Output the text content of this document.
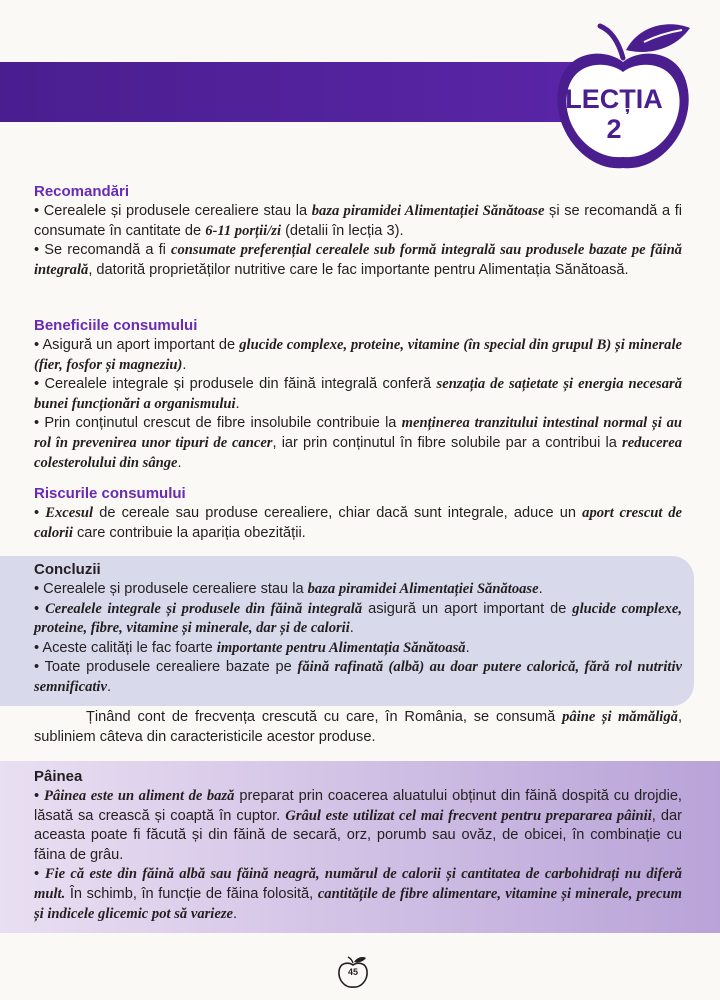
LECȚIA
2
Recomandări

• Cerealele și produsele cerealiere stau la baza piramidei Alimentației Sănătoase și se recomandă a fi consumate în cantitate de 6-11 porții/zi (detalii în lecția 3).

• Se recomandă a fi consumate preferențial cerealele sub formă integrală sau produsele bazate pe făină integrală, datorită proprietăților nutritive care le fac importante pentru Alimentația Sănătoasă.

Beneficiile consumului

• Asigură un aport important de glucide complexe, proteine, vitamine (în special din grupul B) și minerale (fier, fosfor și magneziu).

• Cerealele integrale și produsele din făină integrală conferă senzația de sațietate și energia necesară bunei funcționări a organismului.

• Prin conținutul crescut de fibre insolubile contribuie la menținerea tranzitului intestinal normal și au rol în prevenirea unor tipuri de cancer, iar prin conținutul în fibre solubile par a contribui la reducerea colesterolului din sânge.

Riscurile consumului

• Excesul de cereale sau produse cerealiere, chiar dacă sunt integrale, aduce un aport crescut de calorii care contribuie la apariția obezității.

Concluzii

• Cerealele și produsele cerealiere stau la baza piramidei Alimentației Sănătoase.

• Cerealele integrale și produsele din făină integrală asigură un aport important de glucide complexe, proteine, fibre, vitamine și minerale, dar și de calorii.

• Aceste calități le fac foarte importante pentru Alimentația Sănătoasă.

• Toate produsele cerealiere bazate pe făină rafinată (albă) au doar putere calorică, fără rol nutritiv semnificativ.

Ținând cont de frecvența crescută cu care, în România, se consumă pâine și mămăligă, subliniem câteva din caracteristicile acestor produse.

Pâinea

• Pâinea este un aliment de bază preparat prin coacerea aluatului obținut din făină dospită cu drojdie, lăsată sa crească și coaptă în cuptor. Grâul este utilizat cel mai frecvent pentru prepararea pâinii, dar aceasta poate fi făcută și din făină de secară, orz, porumb sau ovăz, de obicei, în combinație cu făina de grâu.

• Fie că este din făină albă sau făină neagră, numărul de calorii și cantitatea de carbohidrați nu diferă mult. În schimb, în funcție de făina folosită, cantitățile de fibre alimentare, vitamine și minerale, precum și indicele glicemic pot să varieze.

45
